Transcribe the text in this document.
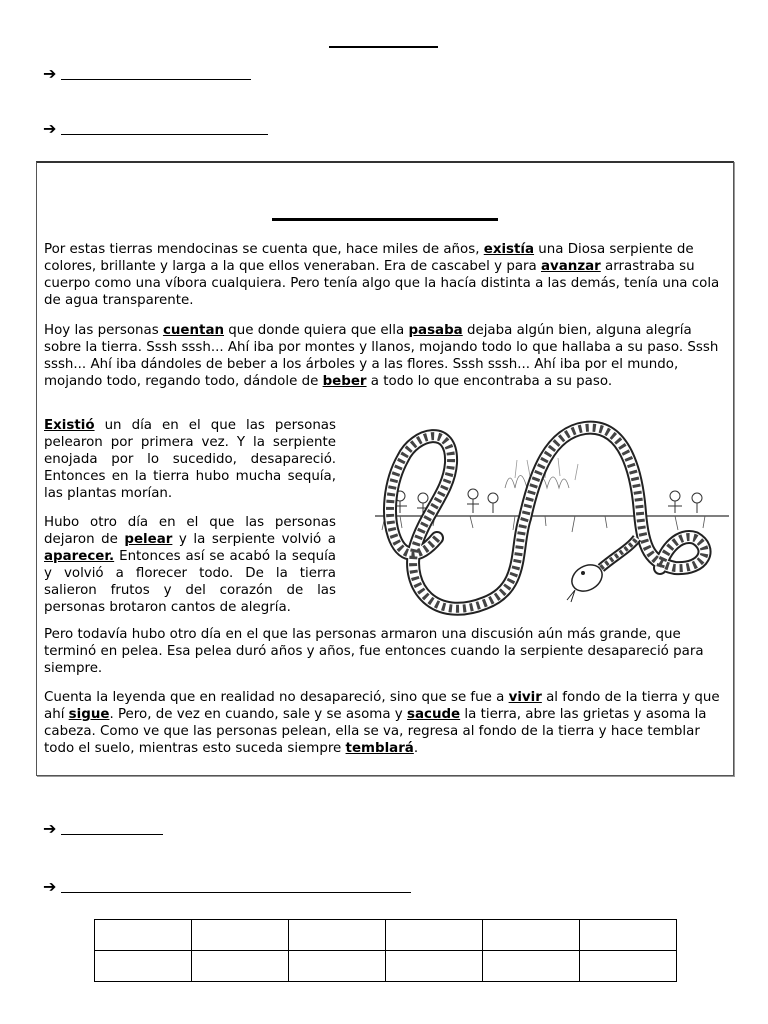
➔
➔

Por estas tierras mendocinas se cuenta que, hace miles de años, existía una Diosa serpiente de colores, brillante y larga a la que ellos veneraban. Era de cascabel y para avanzar arrastraba su cuerpo como una víbora cualquiera. Pero tenía algo que la hacía distinta a las demás, tenía una cola de agua transparente.

Hoy las personas cuentan que donde quiera que ella pasaba dejaba algún bien, alguna alegría sobre la tierra. Sssh sssh... Ahí iba por montes y llanos, mojando todo lo que hallaba a su paso. Sssh sssh... Ahí iba dándoles de beber a los árboles y a las flores. Sssh sssh... Ahí iba por el mundo, mojando todo, regando todo, dándole de beber a todo lo que encontraba a su paso.

Existió un día en el que las personas pelearon por primera vez. Y la serpiente enojada por lo sucedido, desapareció. Entonces en la tierra hubo mucha sequía, las plantas morían.

Hubo otro día en el que las personas dejaron de pelear y la serpiente volvió a aparecer. Entonces así se acabó la sequía y volvió a florecer todo. De la tierra salieron frutos y del corazón de las personas brotaron cantos de alegría.

Pero todavía hubo otro día en el que las personas armaron una discusión aún más grande, que terminó en pelea. Esa pelea duró años y años, fue entonces cuando la serpiente desapareció para siempre.

Cuenta la leyenda que en realidad no desapareció, sino que se fue a vivir al fondo de la tierra y que ahí sigue. Pero, de vez en cuando, sale y se asoma y sacude la tierra, abre las grietas y asoma la cabeza. Como ve que las personas pelean, ella se va, regresa al fondo de la tierra y hace temblar todo el suelo, mientras esto suceda siempre temblará.

➔
➔
